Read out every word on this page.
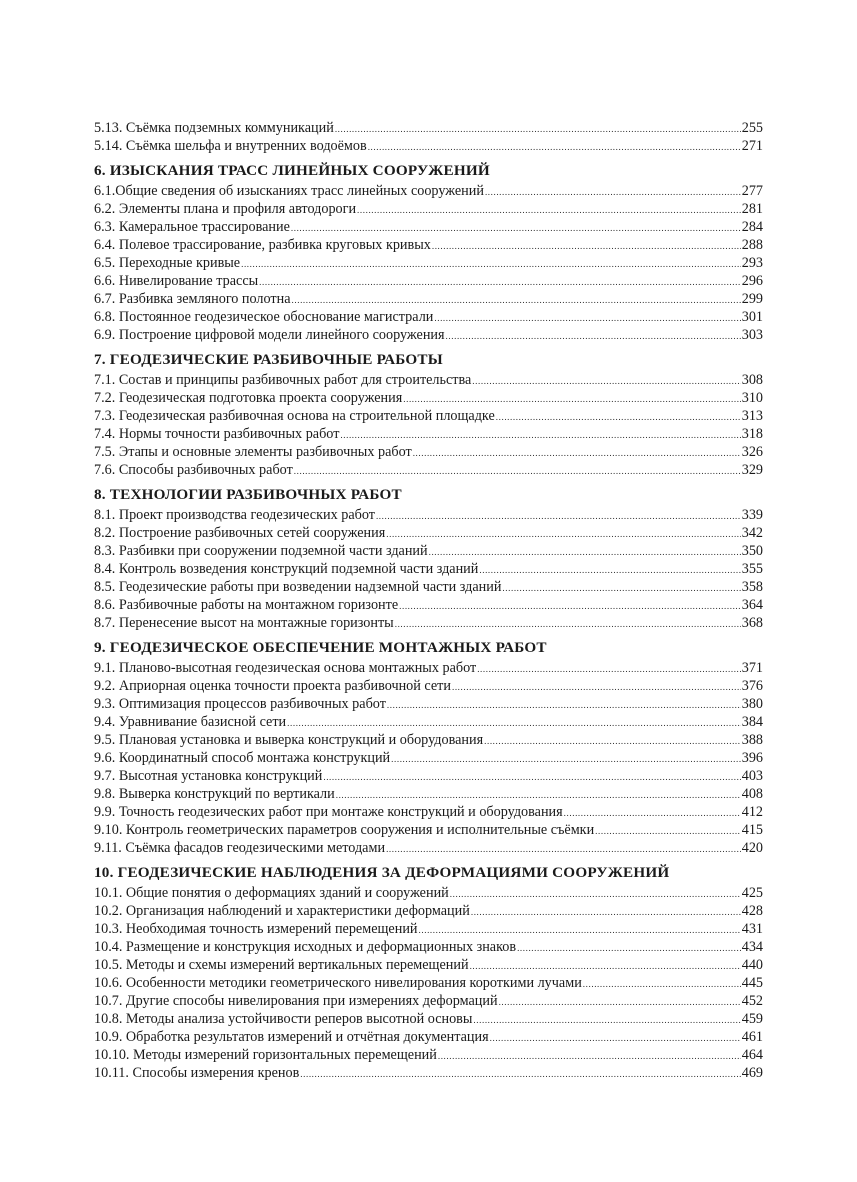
5.13. Съёмка подземных коммуникаций .....	255
5.14. Съёмка шельфа и внутренних водоёмов .....	271
6. ИЗЫСКАНИЯ ТРАСС ЛИНЕЙНЫХ СООРУЖЕНИЙ
6.1.Общие сведения об изысканиях трасс линейных сооружений .....	277
6.2. Элементы плана и профиля автодороги .....	281
6.3. Камеральное трассирование .....	284
6.4. Полевое трассирование, разбивка круговых кривых .....	288
6.5. Переходные кривые .....	293
6.6. Нивелирование трассы .....	296
6.7. Разбивка земляного полотна .....	299
6.8. Постоянное геодезическое обоснование магистрали .....	301
6.9. Построение цифровой модели линейного сооружения .....	303
7. ГЕОДЕЗИЧЕСКИЕ РАЗБИВОЧНЫЕ РАБОТЫ
7.1. Состав и принципы разбивочных работ для строительства .....	308
7.2. Геодезическая подготовка проекта сооружения .....	310
7.3. Геодезическая разбивочная основа на строительной площадке .....	313
7.4. Нормы точности разбивочных работ .....	318
7.5. Этапы и основные элементы разбивочных работ .....	326
7.6. Способы разбивочных работ .....	329
8. ТЕХНОЛОГИИ РАЗБИВОЧНЫХ РАБОТ
8.1. Проект производства геодезических работ .....	339
8.2. Построение разбивочных сетей сооружения .....	342
8.3. Разбивки при сооружении подземной части зданий .....	350
8.4. Контроль возведения конструкций подземной части зданий .....	355
8.5. Геодезические работы при возведении надземной части зданий .....	358
8.6. Разбивочные работы на монтажном горизонте .....	364
8.7. Перенесение высот на монтажные горизонты .....	368
9. ГЕОДЕЗИЧЕСКОЕ ОБЕСПЕЧЕНИЕ МОНТАЖНЫХ РАБОТ
9.1. Планово-высотная геодезическая основа монтажных работ .....	371
9.2. Априорная оценка точности проекта разбивочной сети .....	376
9.3. Оптимизация процессов разбивочных работ .....	380
9.4. Уравнивание базисной сети .....	384
9.5. Плановая установка и выверка конструкций и оборудования .....	388
9.6. Координатный способ монтажа конструкций .....	396
9.7. Высотная установка конструкций .....	403
9.8. Выверка конструкций по вертикали .....	408
9.9. Точность геодезических работ при монтаже конструкций и оборудования .....	412
9.10. Контроль геометрических параметров сооружения и исполнительные съёмки .....	415
9.11. Съёмка фасадов геодезическими методами .....	420
10. ГЕОДЕЗИЧЕСКИЕ НАБЛЮДЕНИЯ ЗА ДЕФОРМАЦИЯМИ СООРУЖЕНИЙ
10.1. Общие понятия о деформациях зданий и сооружений .....	425
10.2. Организация наблюдений и характеристики деформаций .....	428
10.3. Необходимая точность измерений перемещений .....	431
10.4. Размещение и конструкция исходных и деформационных знаков .....	434
10.5. Методы и схемы измерений вертикальных перемещений .....	440
10.6. Особенности методики геометрического нивелирования короткими лучами .....	445
10.7. Другие способы нивелирования при измерениях деформаций .....	452
10.8. Методы анализа устойчивости реперов высотной основы .....	459
10.9. Обработка результатов измерений и отчётная документация .....	461
10.10. Методы измерений горизонтальных перемещений .....	464
10.11. Способы измерения кренов .....	469
